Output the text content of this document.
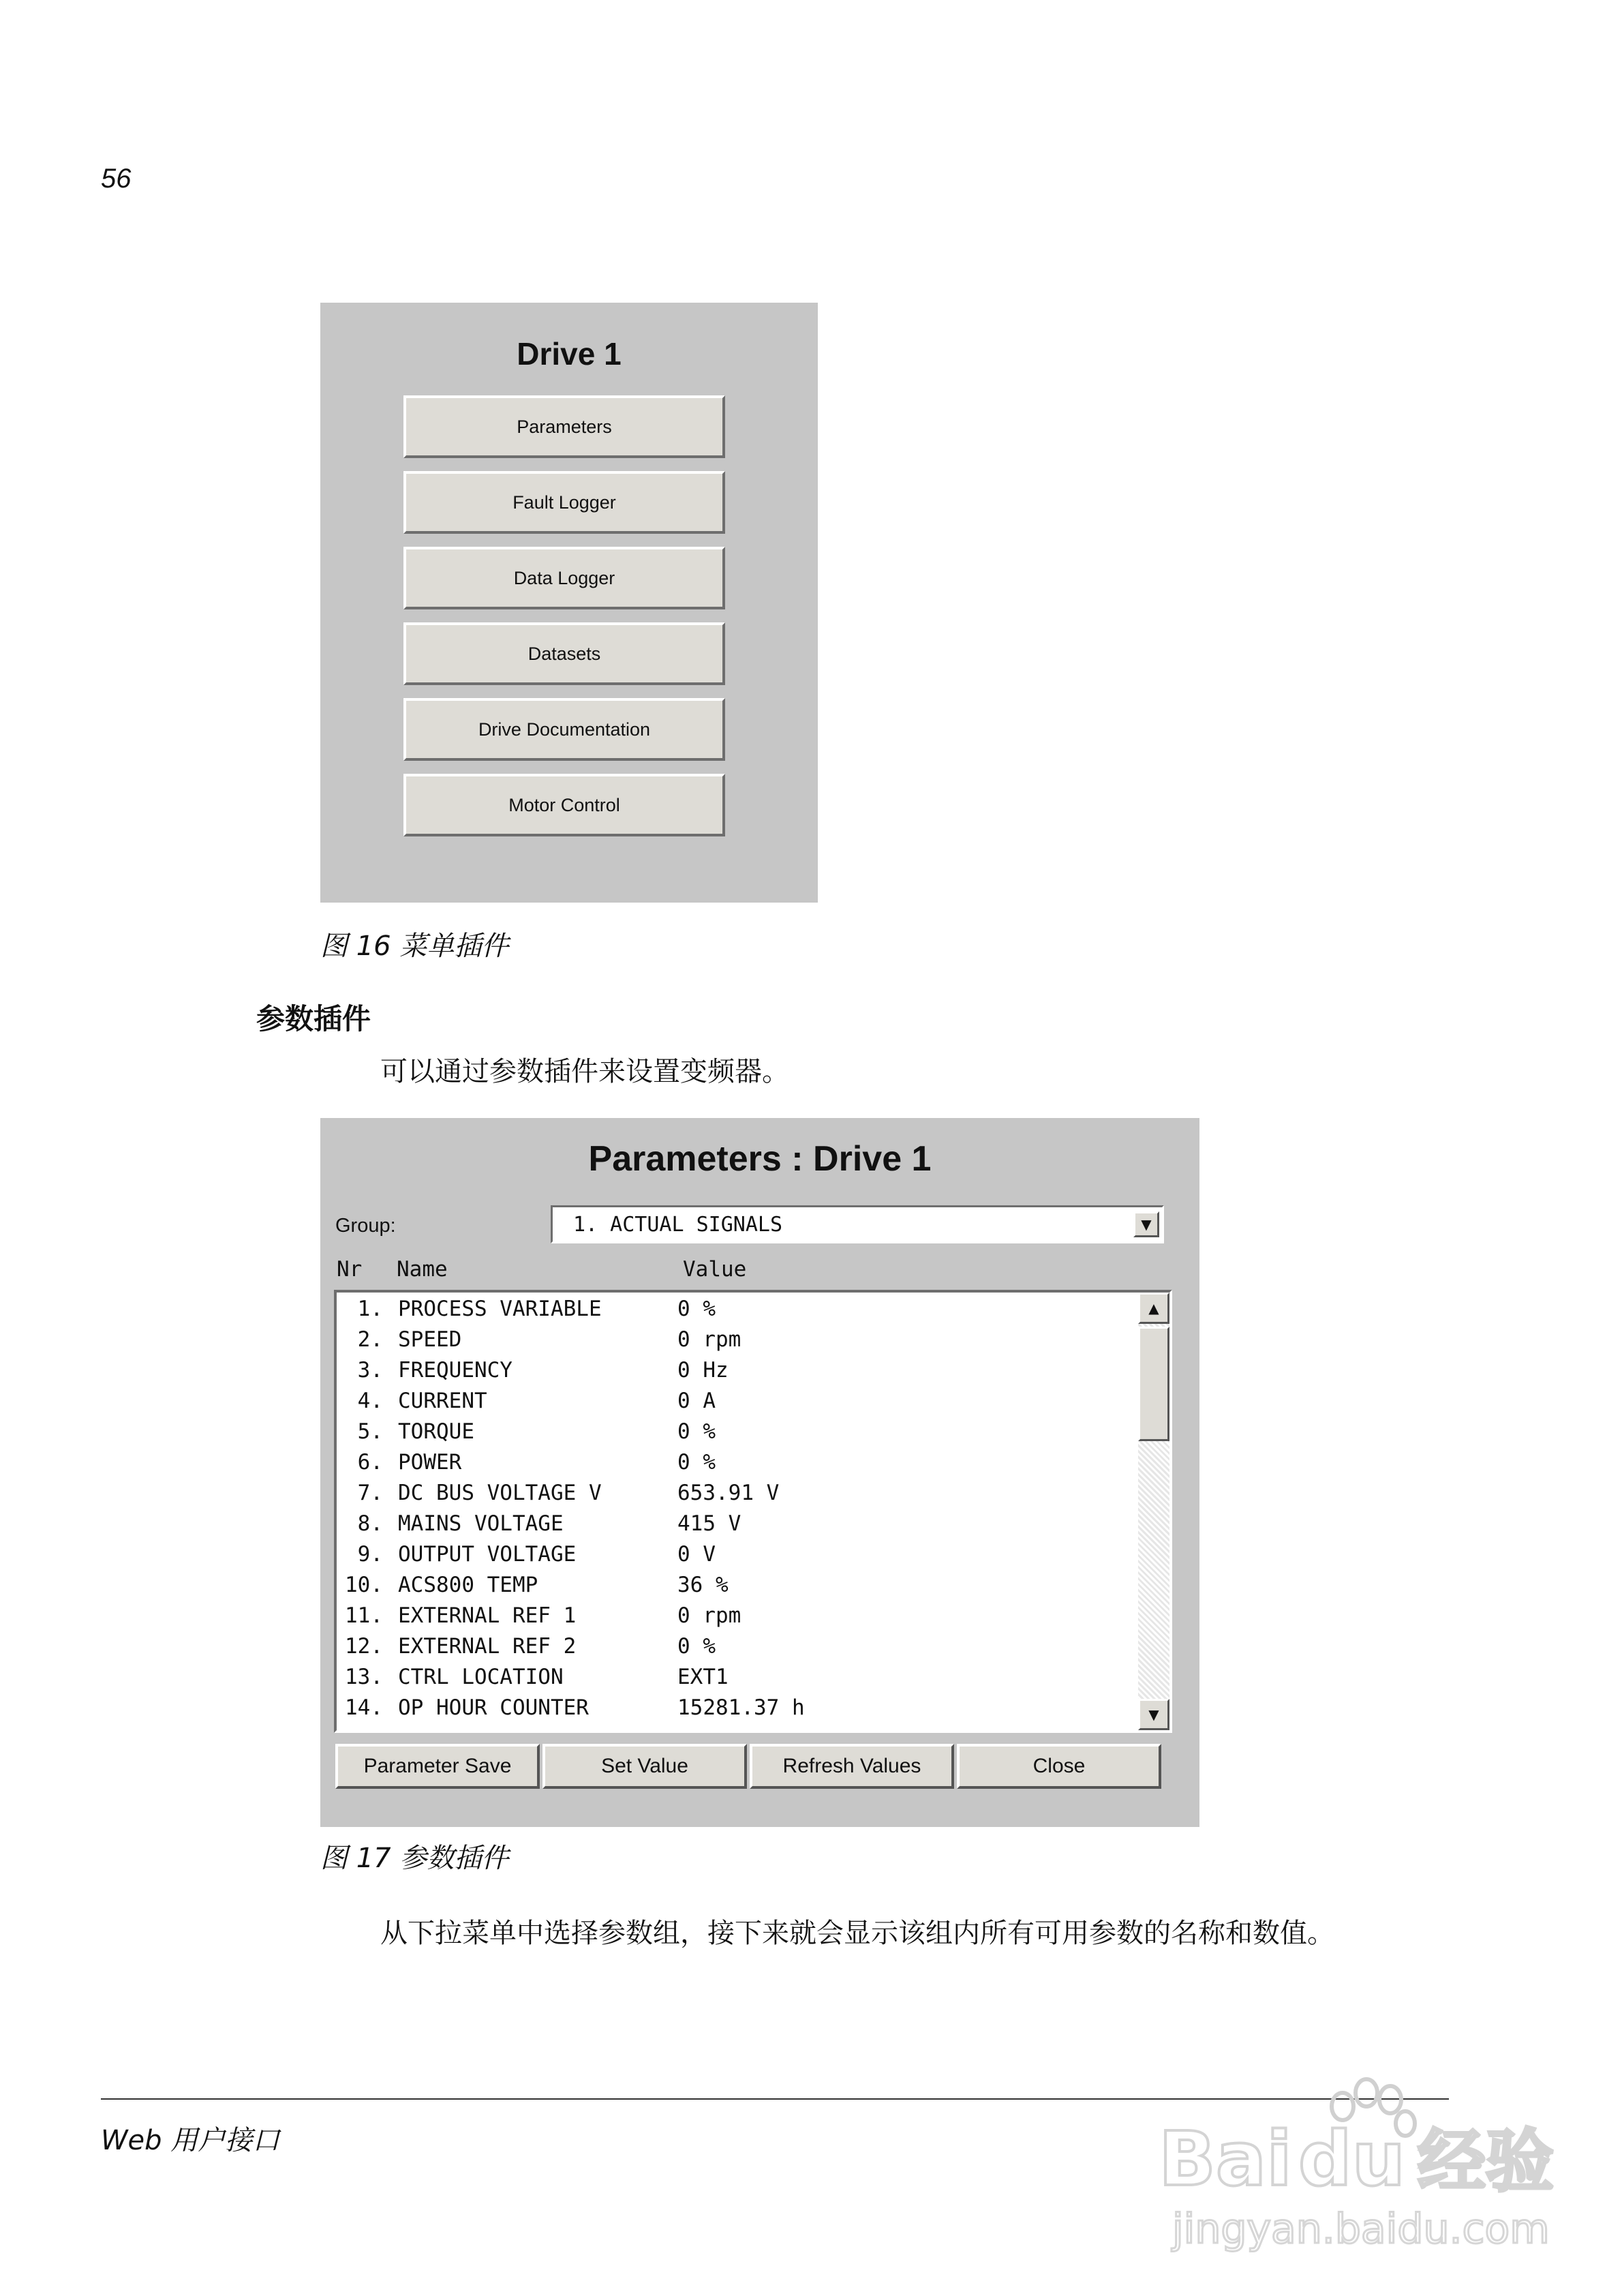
56
Drive 1
Parameters
Fault Logger
Data Logger
Datasets
Drive Documentation
Motor Control
图 16 菜单插件
参数插件
可以通过参数插件来设置变频器。
Parameters : Drive 1
Group:	1. ACTUAL SIGNALS	▼
Nr Name	Value
1. PROCESS VARIABLE	0 %
2. SPEED	0 rpm
3. FREQUENCY	0 Hz
4. CURRENT	0 A
5. TORQUE	0 %
6. POWER	0 %
7. DC BUS VOLTAGE V	653.91 V
8. MAINS VOLTAGE	415 V
9. OUTPUT VOLTAGE	0 V
10. ACS800 TEMP	36 %
11. EXTERNAL REF 1	0 rpm
12. EXTERNAL REF 2	0 %
13. CTRL LOCATION	EXT1
14. OP HOUR COUNTER	15281.37 h
▲
▼
Parameter Save	Set Value	Refresh Values	Close
图 17 参数插件
从下拉菜单中选择参数组，接下来就会显示该组内所有可用参数的名称和数值。
Web 用户接口	Bai du 经验
jingyan.baidu.com
